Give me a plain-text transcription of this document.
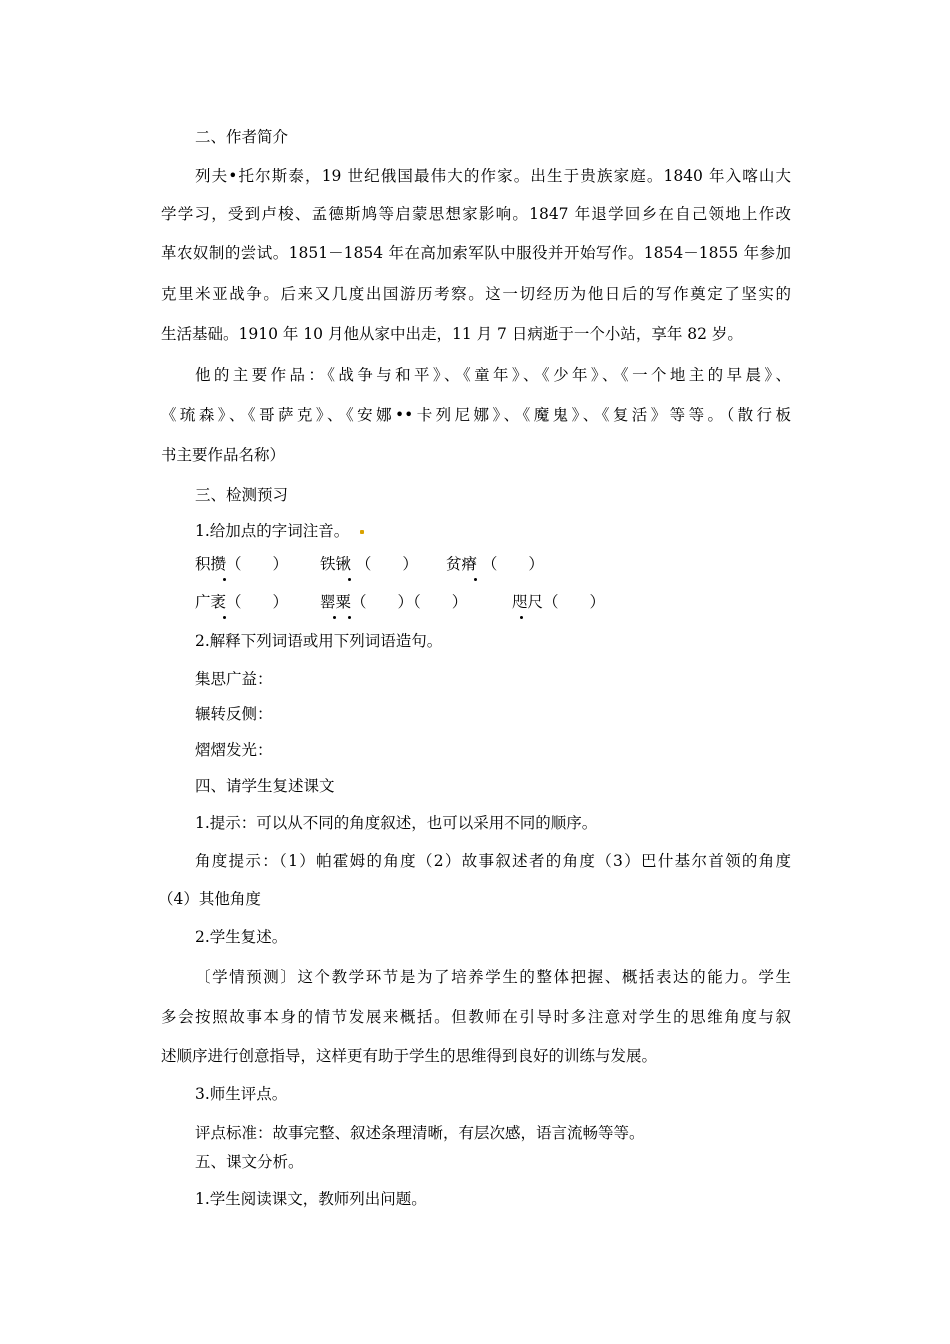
二、作者简介
列夫•托尔斯泰，19 世纪俄国最伟大的作家。出生于贵族家庭。1840 年入喀山大
学学习，受到卢梭、孟德斯鸠等启蒙思想家影响。1847 年退学回乡在自己领地上作改
革农奴制的尝试。1851－1854 年在高加索军队中服役并开始写作。1854－1855 年参加
克里米亚战争。后来又几度出国游历考察。这一切经历为他日后的写作奠定了坚实的
生活基础。1910 年 10 月他从家中出走，11 月 7 日病逝于一个小站，享年 82 岁。
他的主要作品：《战争与和平》、《童年》、《少年》、《一个地主的早晨》、
《琉森》、《哥萨克》、《安娜••卡列尼娜》、《魔鬼》、《复活》等等。（散行板
书主要作品名称）
三、检测预习
1.给加点的字词注音。
积攒（　　） 铁锹 （　　） 贫瘠 （　　）
广袤（　　） 罂粟（　　）（　　）	咫尺（　　）
2.解释下列词语或用下列词语造句。
集思广益：
辗转反侧：
熠熠发光：
四、请学生复述课文
1.提示：可以从不同的角度叙述，也可以采用不同的顺序。
角度提示：（1）帕霍姆的角度（2）故事叙述者的角度（3）巴什基尔首领的角度
（4）其他角度
2.学生复述。
〔学情预测〕这个教学环节是为了培养学生的整体把握、概括表达的能力。学生
多会按照故事本身的情节发展来概括。但教师在引导时多注意对学生的思维角度与叙
述顺序进行创意指导，这样更有助于学生的思维得到良好的训练与发展。
3.师生评点。
评点标准：故事完整、叙述条理清晰，有层次感，语言流畅等等。
五、课文分析。
1.学生阅读课文，教师列出问题。
